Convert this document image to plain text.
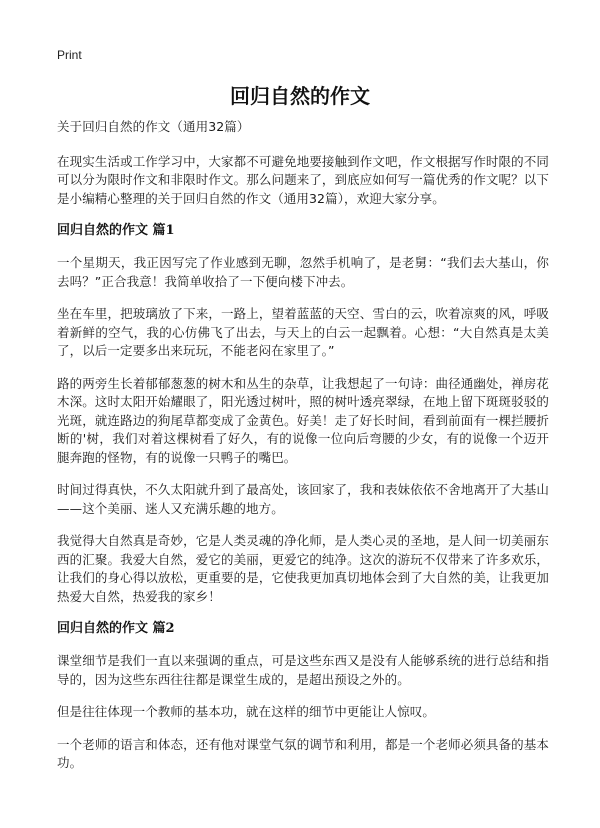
Print
回归自然的作文

关于回归自然的作文（通用32篇）

在现实生活或工作学习中，大家都不可避免地要接触到作文吧，作文根据写作时限的不同可以分为限时作文和非限时作文。那么问题来了，到底应如何写一篇优秀的作文呢？以下是小编精心整理的关于回归自然的作文（通用32篇），欢迎大家分享。

回归自然的作文 篇1

一个星期天，我正因写完了作业感到无聊，忽然手机响了，是老舅：“我们去大基山，你去吗？”正合我意！我简单收拾了一下便向楼下冲去。

坐在车里，把玻璃放了下来，一路上，望着蓝蓝的天空、雪白的云，吹着凉爽的风，呼吸着新鲜的空气，我的心仿佛飞了出去，与天上的白云一起飘着。心想：“大自然真是太美了，以后一定要多出来玩玩，不能老闷在家里了。”

路的两旁生长着郁郁葱葱的树木和丛生的杂草，让我想起了一句诗：曲径通幽处，禅房花木深。这时太阳开始耀眼了，阳光透过树叶，照的树叶透亮翠绿，在地上留下斑斑驳驳的光斑，就连路边的狗尾草都变成了金黄色。好美！走了好长时间，看到前面有一棵拦腰折断的'树，我们对着这棵树看了好久，有的说像一位向后弯腰的少女，有的说像一个迈开腿奔跑的怪物，有的说像一只鸭子的嘴巴。

时间过得真快，不久太阳就升到了最高处，该回家了，我和表妹依依不舍地离开了大基山——这个美丽、迷人又充满乐趣的地方。

我觉得大自然真是奇妙，它是人类灵魂的净化师，是人类心灵的圣地，是人间一切美丽东西的汇聚。我爱大自然，爱它的美丽，更爱它的纯净。这次的游玩不仅带来了许多欢乐，让我们的身心得以放松，更重要的是，它使我更加真切地体会到了大自然的美，让我更加热爱大自然，热爱我的家乡！

回归自然的作文 篇2

课堂细节是我们一直以来强调的重点，可是这些东西又是没有人能够系统的进行总结和指导的，因为这些东西往往都是课堂生成的，是超出预设之外的。

但是往往体现一个教师的基本功，就在这样的细节中更能让人惊叹。

一个老师的语言和体态，还有他对课堂气氛的调节和利用，都是一个老师必须具备的基本功。
